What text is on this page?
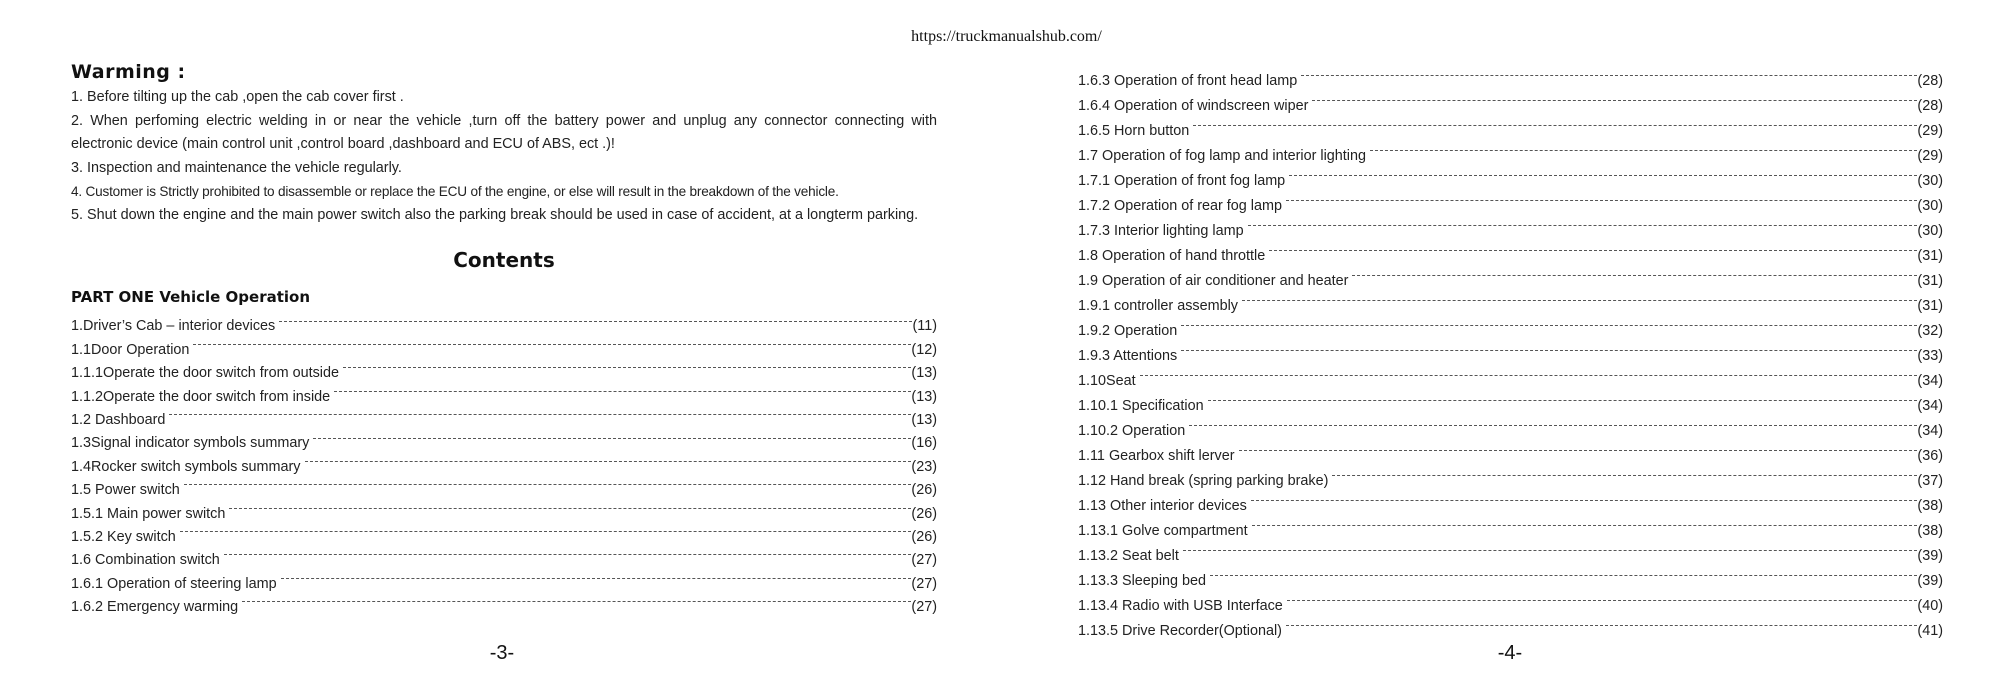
https://truckmanualshub.com/
Warming :
1. Before tilting up the cab ,open the cab cover first .
2. When perfoming electric welding in or near the vehicle ,turn off the battery power and unplug any connector connecting with electronic device (main control unit ,control board ,dashboard and ECU of ABS, ect .)!
3. Inspection and maintenance the vehicle regularly.
4. Customer is Strictly prohibited to disassemble or replace the ECU of the engine, or else will result in the breakdown of the vehicle.
5. Shut down the engine and the main power switch also the parking break should be used in case of accident, at a longterm parking.
Contents
PART ONE Vehicle Operation
1.Driver’s Cab – interior devices	(11)
1.1Door Operation	(12)
1.1.1Operate the door switch from outside	(13)
1.1.2Operate the door switch from inside	(13)
1.2 Dashboard	(13)
1.3Signal indicator symbols summary	(16)
1.4Rocker switch symbols summary	(23)
1.5 Power switch	(26)
1.5.1 Main power switch	(26)
1.5.2 Key switch	(26)
1.6 Combination switch	(27)
1.6.1 Operation of steering lamp	(27)
1.6.2 Emergency warming	(27)
1.6.3 Operation of front head lamp	(28)
1.6.4 Operation of windscreen wiper	(28)
1.6.5 Horn button	(29)
1.7 Operation of fog lamp and interior lighting	(29)
1.7.1 Operation of front fog lamp	(30)
1.7.2 Operation of rear fog lamp	(30)
1.7.3 Interior lighting lamp	(30)
1.8 Operation of hand throttle	(31)
1.9 Operation of air conditioner and heater	(31)
1.9.1 controller assembly	(31)
1.9.2 Operation	(32)
1.9.3 Attentions	(33)
1.10Seat	(34)
1.10.1 Specification	(34)
1.10.2 Operation	(34)
1.11 Gearbox shift lerver	(36)
1.12 Hand break (spring parking brake)	(37)
1.13 Other interior devices	(38)
1.13.1 Golve compartment	(38)
1.13.2 Seat belt	(39)
1.13.3 Sleeping bed	(39)
1.13.4 Radio with USB Interface	(40)
1.13.5 Drive Recorder(Optional)	(41)
-3-	-4-
